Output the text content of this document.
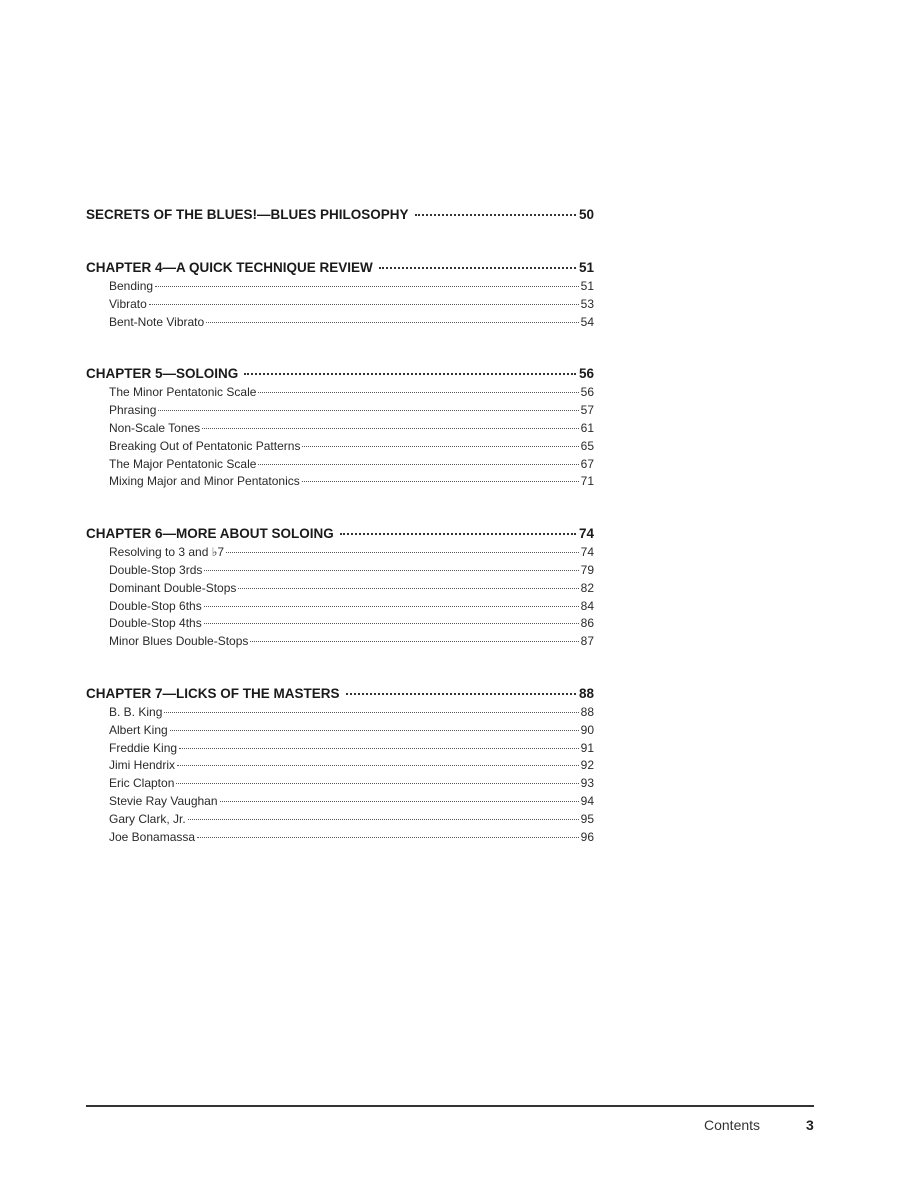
SECRETS OF THE BLUES!—BLUES PHILOSOPHY	50
CHAPTER 4—A QUICK TECHNIQUE REVIEW	51
Bending	51
Vibrato	53
Bent-Note Vibrato	54
CHAPTER 5—SOLOING	56
The Minor Pentatonic Scale	56
Phrasing	57
Non-Scale Tones	61
Breaking Out of Pentatonic Patterns	65
The Major Pentatonic Scale	67
Mixing Major and Minor Pentatonics	71
CHAPTER 6—MORE ABOUT SOLOING	74
Resolving to 3 and ♭7	74
Double-Stop 3rds	79
Dominant Double-Stops	82
Double-Stop 6ths	84
Double-Stop 4ths	86
Minor Blues Double-Stops	87
CHAPTER 7—LICKS OF THE MASTERS	88
B. B. King	88
Albert King	90
Freddie King	91
Jimi Hendrix	92
Eric Clapton	93
Stevie Ray Vaughan	94
Gary Clark, Jr.	95
Joe Bonamassa	96
Contents	3
